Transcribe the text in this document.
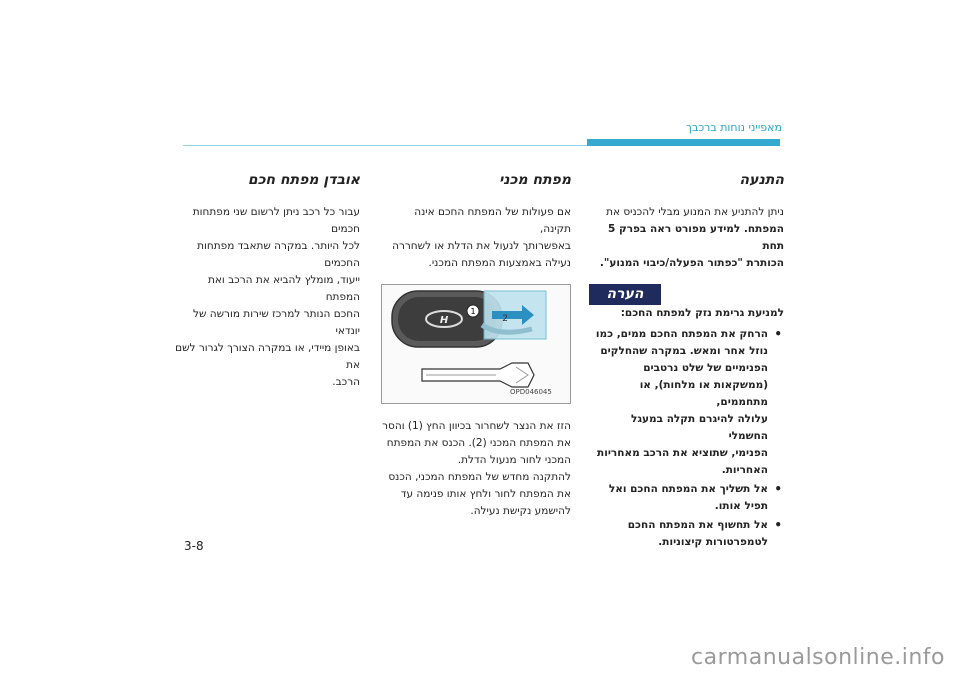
מאפייני נוחות ברכבך
התנעה

ניתן להתניע את המנוע מבלי להכניס את

המפתח. למידע מפורט ראה בפרק 5 תחת

הכותרת "כפתור הפעלה/כיבוי המנוע".

הערה

למניעת גרימת נזק למפתח החכם:

• הרחק את המפתח החכם ממים, כמו
נוזל אחר ומאש. במקרה שהחלקים
הפנימיים של שלט נרטבים
(ממשקאות או מלחות), או מתחממים,
עלולה להיגרם תקלה במעגל החשמלי
הפנימי, שתוציא את הרכב מאחריות
האחריות.
• אל תשליך את המפתח החכם ואל
תפיל אותו.
• אל תחשוף את המפתח החכם
לטמפרטורות קיצוניות.
מפתח מכני

אם פעולות של המפתח החכם אינה תקינה,

באפשרותך לנעול את הדלת או לשחררה

נעילה באמצעות המפתח המכני.

H
1
2
OPD046045

הזז את הנצר לשחרור בכיוון החץ (1) והסר

את המפתח המכני (2). הכנס את המפתח

המכני לחור מנעול הדלת.

להתקנה מחדש של המפתח המכני, הכנס

את המפתח לחור ולחץ אותו פנימה עד

להישמע נקישת נעילה.

אובדן מפתח חכם

עבור כל רכב ניתן לרשום שני מפתחות חכמים

לכל היותר. במקרה שתאבד מפתחות החכמים

ייעוד, מומלץ להביא את הרכב ואת המפתח

החכם הנותר למרכז שירות מורשה של יונדאי

באופן מיידי, או במקרה הצורך לגרור לשם את

הרכב.

3-8
carmanualsonline.info
